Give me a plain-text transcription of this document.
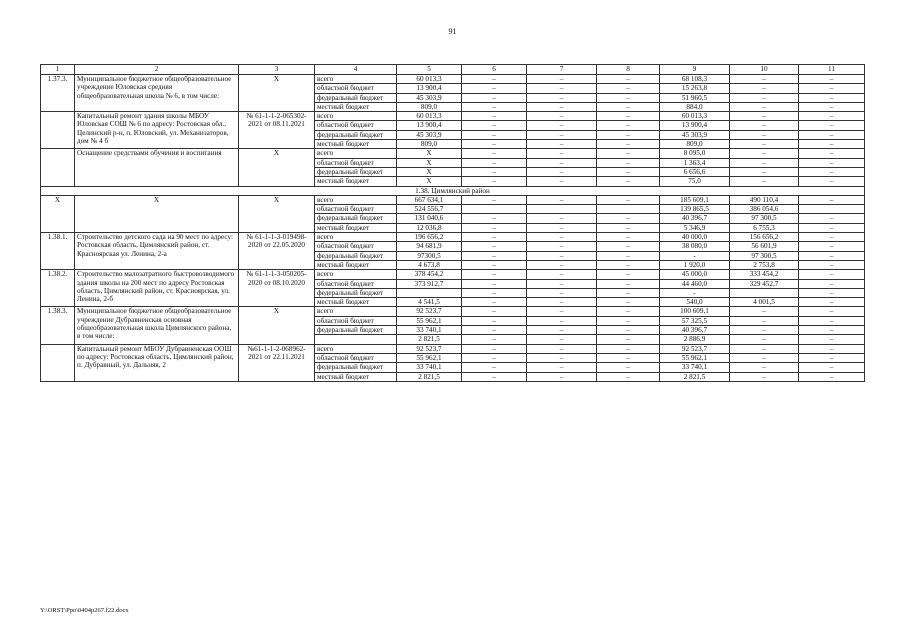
91
1	2	3	4	5	6	7	8	9	10	11
1.37.3.	Муниципальное бюджетное общеобразовательное учреждение Юловская средняя общеобразовательная школа № 6, в том числе:	X	всего	60 013,3	–	–	–	68 108,3	–	–
			областной бюджет	13 900,4	–	–	–	15 263,8	–	–
			федеральный бюджет	45 303,9	–	–	–	51 960,5	–	–
			местный бюджет	809,0	–	–	–	884,0	–	–
	Капитальный ремонт здания школы МБОУ Юловская СОШ № 6 по адресу: Ростовская обл., Целинский р-н, п. Юловский, ул. Механизаторов, дом № 4 б	№ 61-1-1-2-065302-2021 от 08.11.2021	всего	60 013,3	–	–	–	60 013,3	–	–
			областной бюджет	13 900,4	–	–	–	13 900,4	–	–
			федеральный бюджет	45 303,9	–	–	–	45 303,9	–	–
			местный бюджет	809,0	–	–	–	809,0	–	–
	Оснащение средствами обучения и воспитания	X	всего	X	–	–	–	8 095,0	–	–
			областной бюджет	X	–	–	–	1 363,4	–	–
			федеральный бюджет	X	–	–	–	6 656,6	–	–
			местный бюджет	X	–	–	–	75,0	–	–
1.38. Цимлянский район										
X	X	X	всего	667 634,1	–	–	–	185 609,1	490 110,4	–
			областной бюджет	524 556,7				139 865,5	386 054,6	
			федеральный бюджет	131 040,6	–	–	–	40 396,7	97 300,5	–
			местный бюджет	12 036,8	–	–	–	5 346,9	6 755,3	–
1.38.1.	Строительство детского сада на 90 мест по адресу: Ростовская область, Цимлянский район, ст. Красноярская ул. Ленина, 2-а	№ 61-1-1-3-019498-2020 от 22.05.2020	всего	196 656,2	–	–	–	40 000,0	156 656,2	–
			областной бюджет	94 681,9	–	–	–	38 080,0	56 601,9	–
			федеральный бюджет	97300,5	–	–	–	-	97 300,5	–
			местный бюджет	4 673,8	–	–	–	1 920,0	2 753,8	–
1.38.2.	Строительство малозатратного быстровозводимого здания школы на 200 мест по адресу Ростовская область, Цимлянский район, ст. Красноярская, ул. Ленина, 2-б	№ 61-1-1-3-050205-2020 от 08.10.2020	всего	378 454,2	–	–	–	45 000,0	333 454,2	–
			областной бюджет	373 912,7	–	–	–	44 460,0	329 452,7	–
			федеральный бюджет		–	–	–	-		–
			местный бюджет	4 541,5	–	–	–	540,0	4 001,5	–
1.38.3.	Муниципальное бюджетное общеобразовательное учреждение Дубравненская основная общеобразовательная школа Цимлянского района, в том числе:	X	всего	92 523,7	–	–	–	100 609,1	–	–
			областной бюджет	55 962,1	–	–	–	57 325,5	–	–
			федеральный бюджет	33 740,1	–	–	–	40 396,7	–	–
				2 821,5	–	–	–	2 886,9	–	–
	Капитальный ремонт МБОУ Дубравненская ООШ по адресу: Ростовская область, Цимлянский район, п. Дубравный, ул. Дальняя, 2	№61-1-1-2-068962-2021 от 22.11.2021	всего	92 523,7	–	–	–	92 523,7	–	–
			областной бюджет	55 962,1	–	–	–	55 962,1	–	–
			федеральный бюджет	33 740,1	–	–	–	33 740,1	–	–
			местный бюджет	2 821,5	–	–	–	2 821,5	–	–
Y:\ORST\Ppo\0404p267.f22.docx
